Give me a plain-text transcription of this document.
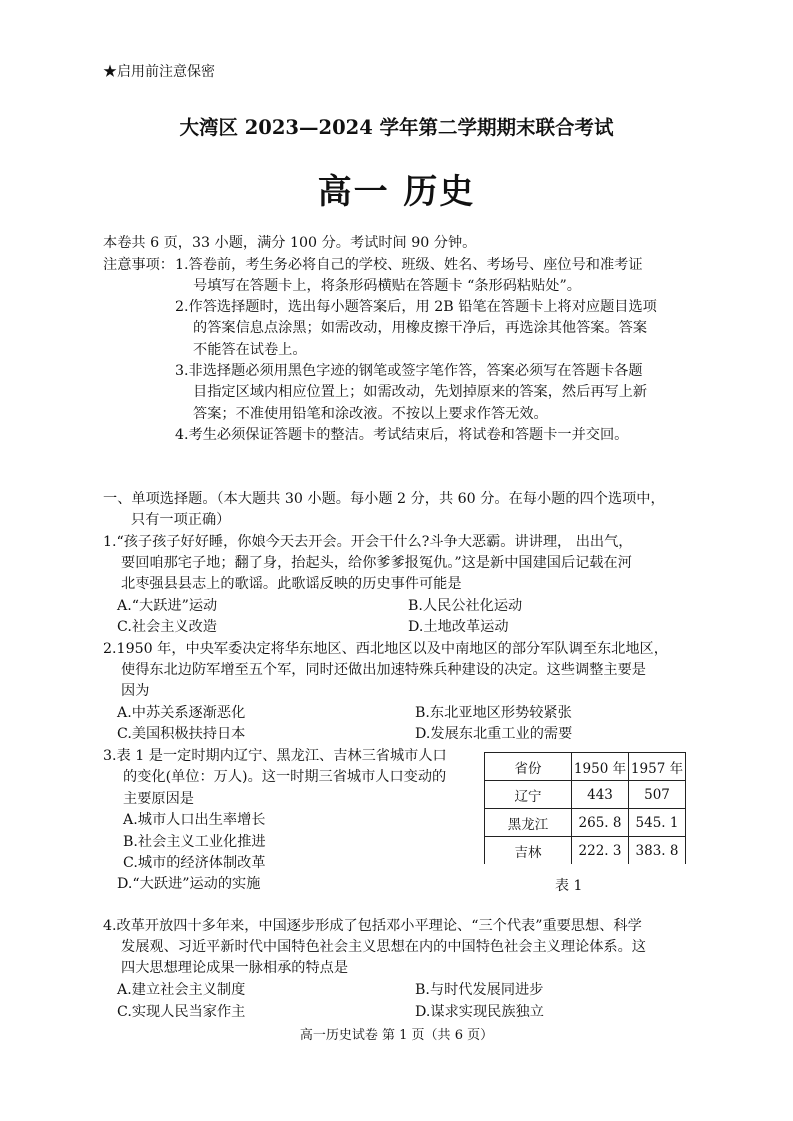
★启用前注意保密
大湾区 2023—2024 学年第二学期期末联合考试
高一 历史
本卷共 6 页，33 小题，满分 100 分。考试时间 90 分钟。
注意事项： 1.答卷前，考生务必将自己的学校、班级、姓名、考场号、座位号和准考证
号填写在答题卡上，将条形码横贴在答题卡 “条形码粘贴处”。
2.作答选择题时，选出每小题答案后，用 2B 铅笔在答题卡上将对应题目选项
的答案信息点涂黑；如需改动，用橡皮擦干净后，再选涂其他答案。答案
不能答在试卷上。
3.非选择题必须用黑色字迹的钢笔或签字笔作答，答案必须写在答题卡各题
目指定区域内相应位置上；如需改动，先划掉原来的答案，然后再写上新
答案；不准使用铅笔和涂改液。不按以上要求作答无效。
4.考生必须保证答题卡的整洁。考试结束后，将试卷和答题卡一并交回。
一、单项选择题。（本大题共 30 小题。每小题 2 分，共 60 分。在每小题的四个选项中，
只有一项正确）
1.“孩子孩子好好睡，你娘今天去开会。开会干什么?斗争大恶霸。讲讲理， 出出气，
要回咱那宅子地；翻了身，抬起头，给你爹爹报冤仇。”这是新中国建国后记载在河
北枣强县县志上的歌谣。此歌谣反映的历史事件可能是
A.“大跃进”运动	B.人民公社化运动
C.社会主义改造	D.土地改革运动
2.1950 年，中央军委决定将华东地区、西北地区以及中南地区的部分军队调至东北地区，
使得东北边防军增至五个军，同时还做出加速特殊兵种建设的决定。这些调整主要是
因为
A.中苏关系逐渐恶化	B.东北亚地区形势较紧张
C.美国积极扶持日本	D.发展东北重工业的需要
3.表 1 是一定时期内辽宁、黑龙江、吉林三省城市人口
的变化(单位：万人)。这一时期三省城市人口变动的
主要原因是
A.城市人口出生率增长
B.社会主义工业化推进
C.城市的经济体制改革
D.“大跃进”运动的实施
省份	1950 年	1957 年
辽宁	443	507
黑龙江	265. 8	545. 1
吉林	222. 3	383. 8
表 1
4.改革开放四十多年来，中国逐步形成了包括邓小平理论、“三个代表”重要思想、科学
发展观、习近平新时代中国特色社会主义思想在内的中国特色社会主义理论体系。这
四大思想理论成果一脉相承的特点是
A.建立社会主义制度	B.与时代发展同进步
C.实现人民当家作主	D.谋求实现民族独立
高一历史试卷 第 1 页（共 6 页）
